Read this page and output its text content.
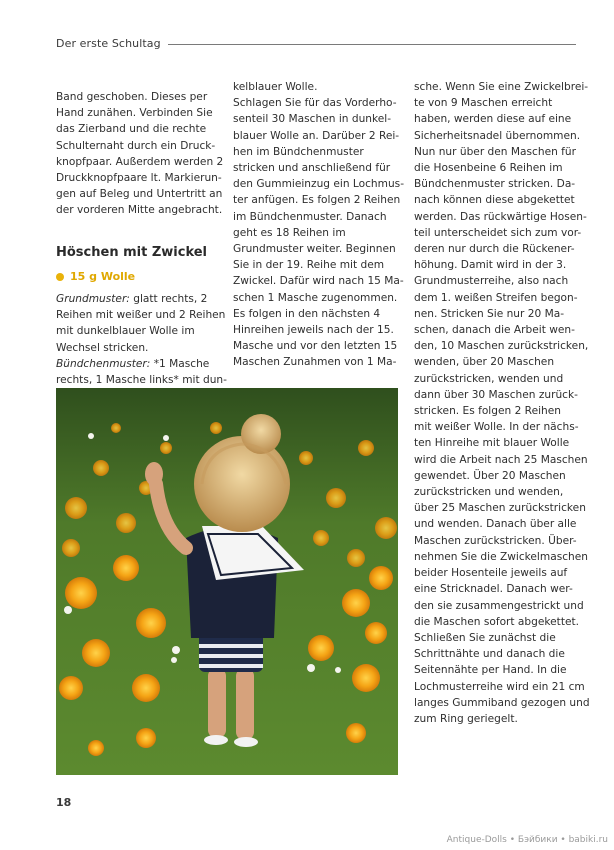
Der erste Schultag

Band geschoben. Dieses per

Hand zunähen. Verbinden Sie

das Zierband und die rechte

Schulternaht durch ein Druck-

knopfpaar. Außerdem werden 2

Druckknopfpaare lt. Markierun-

gen auf Beleg und Untertritt an

der vorderen Mitte angebracht.

Höschen mit Zwickel
15 g Wolle

Grundmuster: glatt rechts, 2

Reihen mit weißer und 2 Reihen

mit dunkelblauer Wolle im

Wechsel stricken.

Bündchenmuster: *1 Masche

rechts, 1 Masche links* mit dun-

kelblauer Wolle.

Schlagen Sie für das Vorderho-

senteil 30 Maschen in dunkel-

blauer Wolle an. Darüber 2 Rei-

hen im Bündchenmuster

stricken und anschließend für

den Gummieinzug ein Lochmus-

ter anfügen. Es folgen 2 Reihen

im Bündchenmuster. Danach

geht es 18 Reihen im

Grundmuster weiter. Beginnen

Sie in der 19. Reihe mit dem

Zwickel. Dafür wird nach 15 Ma-

schen 1 Masche zugenommen.

Es folgen in den nächsten 4

Hinreihen jeweils nach der 15.

Masche und vor den letzten 15

Maschen Zunahmen von 1 Ma-

sche. Wenn Sie eine Zwickelbrei-

te von 9 Maschen erreicht

haben, werden diese auf eine

Sicherheitsnadel übernommen.

Nun nur über den Maschen für

die Hosenbeine 6 Reihen im

Bündchenmuster stricken. Da-

nach können diese abgekettet

werden. Das rückwärtige Hosen-

teil unterscheidet sich zum vor-

deren nur durch die Rückener-

höhung. Damit wird in der 3.

Grundmusterreihe, also nach

dem 1. weißen Streifen begon-

nen. Stricken Sie nur 20 Ma-

schen, danach die Arbeit wen-

den, 10 Maschen zurückstricken,

wenden, über 20 Maschen

zurückstricken, wenden und

dann über 30 Maschen zurück-

stricken. Es folgen 2 Reihen

mit weißer Wolle. In der nächs-

ten Hinreihe mit blauer Wolle

wird die Arbeit nach 25 Maschen

gewendet. Über 20 Maschen

zurückstricken und wenden,

über 25 Maschen zurückstricken

und wenden. Danach über alle

Maschen zurückstricken. Über-

nehmen Sie die Zwickelmaschen

beider Hosenteile jeweils auf

eine Stricknadel. Danach wer-

den sie zusammengestrickt und

die Maschen sofort abgekettet.

Schließen Sie zunächst die

Schrittnähte und danach die

Seitennähte per Hand. In die

Lochmusterreihe wird ein 21 cm

langes Gummiband gezogen und

zum Ring geriegelt.

18
Antique-Dolls • Бэйбики • babiki.ru
